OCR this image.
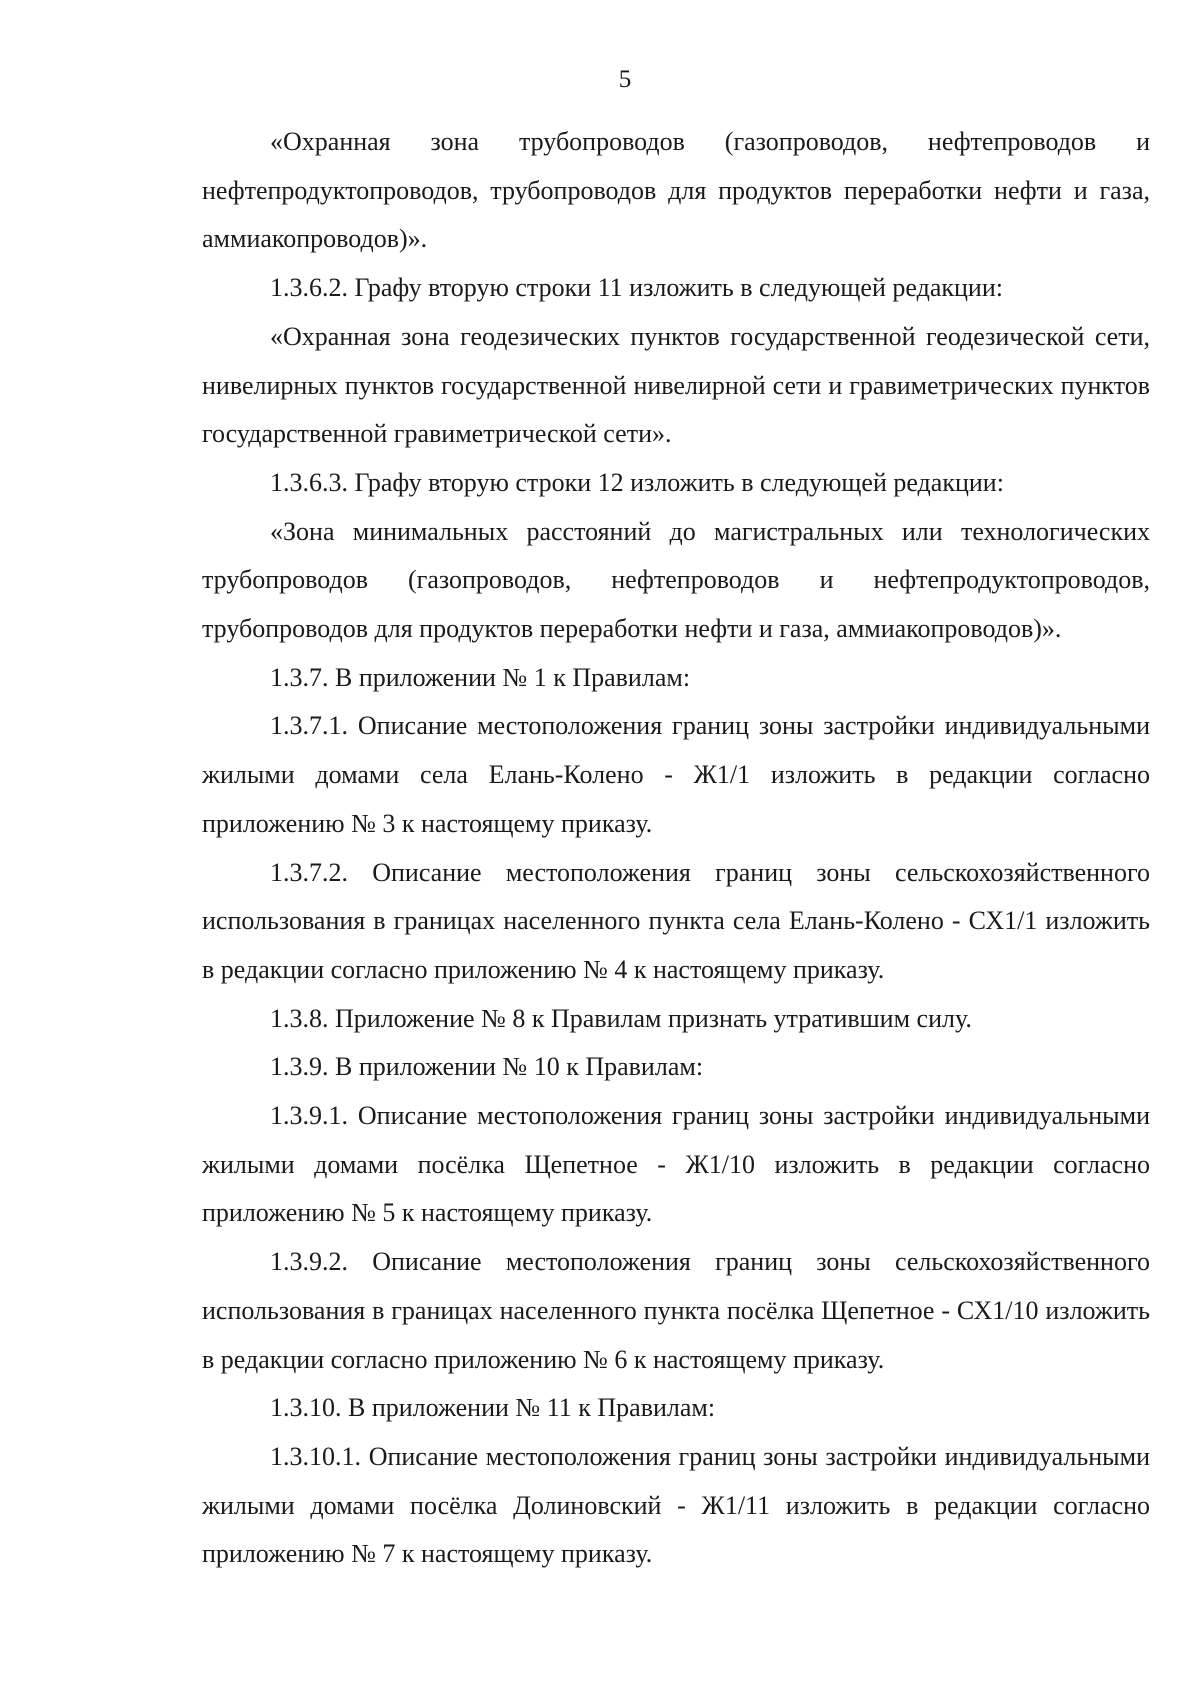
5

«Охранная зона трубопроводов (газопроводов, нефтепроводов и нефтепродуктопроводов, трубопроводов для продуктов переработки нефти и газа, аммиакопроводов)».

1.3.6.2. Графу вторую строки 11 изложить в следующей редакции:

«Охранная зона геодезических пунктов государственной геодезической сети, нивелирных пунктов государственной нивелирной сети и гравиметрических пунктов государственной гравиметрической сети».

1.3.6.3. Графу вторую строки 12 изложить в следующей редакции:

«Зона минимальных расстояний до магистральных или технологических трубопроводов (газопроводов, нефтепроводов и нефтепродуктопроводов, трубопроводов для продуктов переработки нефти и газа, аммиакопроводов)».

1.3.7. В приложении № 1 к Правилам:

1.3.7.1. Описание местоположения границ зоны застройки индивидуальными жилыми домами села Елань-Колено - Ж1/1 изложить в редакции согласно приложению № 3 к настоящему приказу.

1.3.7.2. Описание местоположения границ зоны сельскохозяйственного использования в границах населенного пункта села Елань-Колено - СХ1/1 изложить в редакции согласно приложению № 4 к настоящему приказу.

1.3.8. Приложение № 8 к Правилам признать утратившим силу.

1.3.9. В приложении № 10 к Правилам:

1.3.9.1. Описание местоположения границ зоны застройки индивидуальными жилыми домами посёлка Щепетное - Ж1/10 изложить в редакции согласно приложению № 5 к настоящему приказу.

1.3.9.2. Описание местоположения границ зоны сельскохозяйственного использования в границах населенного пункта посёлка Щепетное - СХ1/10 изложить в редакции согласно приложению № 6 к настоящему приказу.

1.3.10. В приложении № 11 к Правилам:

1.3.10.1. Описание местоположения границ зоны застройки индивидуальными жилыми домами посёлка Долиновский - Ж1/11 изложить в редакции согласно приложению № 7 к настоящему приказу.
